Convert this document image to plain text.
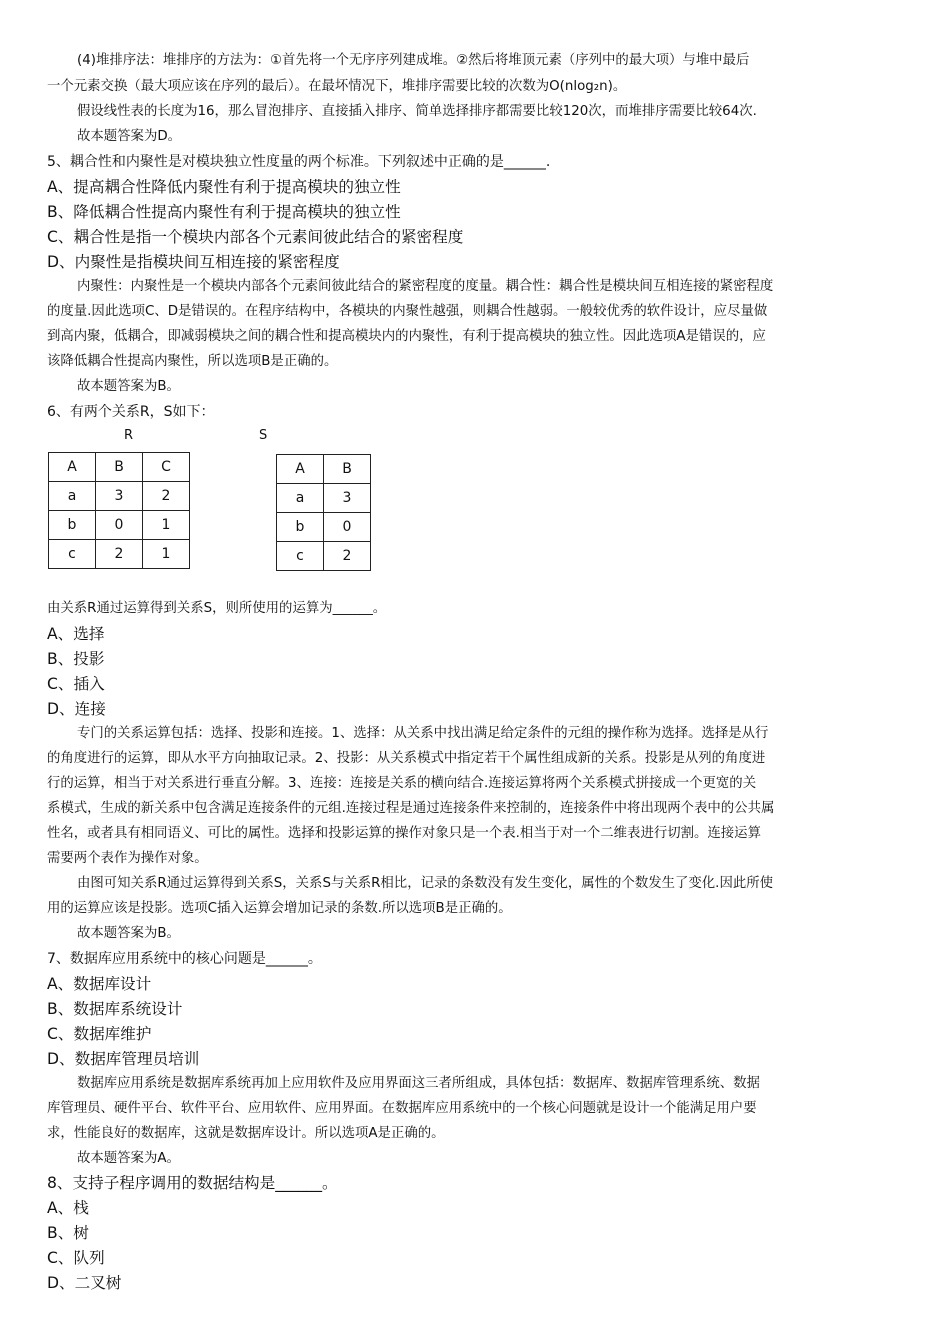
(4)堆排序法：堆排序的方法为：①首先将一个无序序列建成堆。②然后将堆顶元素（序列中的最大项）与堆中最后
一个元素交换（最大项应该在序列的最后）。在最坏情况下，堆排序需要比较的次数为O(nlog₂n)。
假设线性表的长度为16，那么冒泡排序、直接插入排序、简单选择排序都需要比较120次，而堆排序需要比较64次.
故本题答案为D。
5、耦合性和内聚性是对模块独立性度量的两个标准。下列叙述中正确的是______.
A、提高耦合性降低内聚性有利于提高模块的独立性
B、降低耦合性提高内聚性有利于提高模块的独立性
C、耦合性是指一个模块内部各个元素间彼此结合的紧密程度
D、内聚性是指模块间互相连接的紧密程度
内聚性：内聚性是一个模块内部各个元素间彼此结合的紧密程度的度量。耦合性：耦合性是模块间互相连接的紧密程度
的度量.因此选项C、D是错误的。在程序结构中，各模块的内聚性越强，则耦合性越弱。一般较优秀的软件设计，应尽量做
到高内聚，低耦合，即减弱模块之间的耦合性和提高模块内的内聚性，有利于提高模块的独立性。因此选项A是错误的，应
该降低耦合性提高内聚性，所以选项B是正确的。
故本题答案为B。
6、有两个关系R，S如下：
R	S
A	B	C
a	3	2
b	0	1
c	2	1
A	B
a	3
b	0
c	2
由关系R通过运算得到关系S，则所使用的运算为______。
A、选择
B、投影
C、插入
D、连接
专门的关系运算包括：选择、投影和连接。1、选择：从关系中找出满足给定条件的元组的操作称为选择。选择是从行
的角度进行的运算，即从水平方向抽取记录。2、投影：从关系模式中指定若干个属性组成新的关系。投影是从列的角度进
行的运算，相当于对关系进行垂直分解。3、连接：连接是关系的横向结合.连接运算将两个关系模式拼接成一个更宽的关
系模式，生成的新关系中包含满足连接条件的元组.连接过程是通过连接条件来控制的，连接条件中将出现两个表中的公共属
性名，或者具有相同语义、可比的属性。选择和投影运算的操作对象只是一个表.相当于对一个二维表进行切割。连接运算
需要两个表作为操作对象。
由图可知关系R通过运算得到关系S，关系S与关系R相比，记录的条数没有发生变化，属性的个数发生了变化.因此所使
用的运算应该是投影。选项C插入运算会增加记录的条数.所以选项B是正确的。
故本题答案为B。
7、数据库应用系统中的核心问题是______。
A、数据库设计
B、数据库系统设计
C、数据库维护
D、数据库管理员培训
数据库应用系统是数据库系统再加上应用软件及应用界面这三者所组成，具体包括：数据库、数据库管理系统、数据
库管理员、硬件平台、软件平台、应用软件、应用界面。在数据库应用系统中的一个核心问题就是设计一个能满足用户要
求，性能良好的数据库，这就是数据库设计。所以选项A是正确的。
故本题答案为A。
8、支持子程序调用的数据结构是______。
A、栈
B、树
C、队列
D、二叉树
